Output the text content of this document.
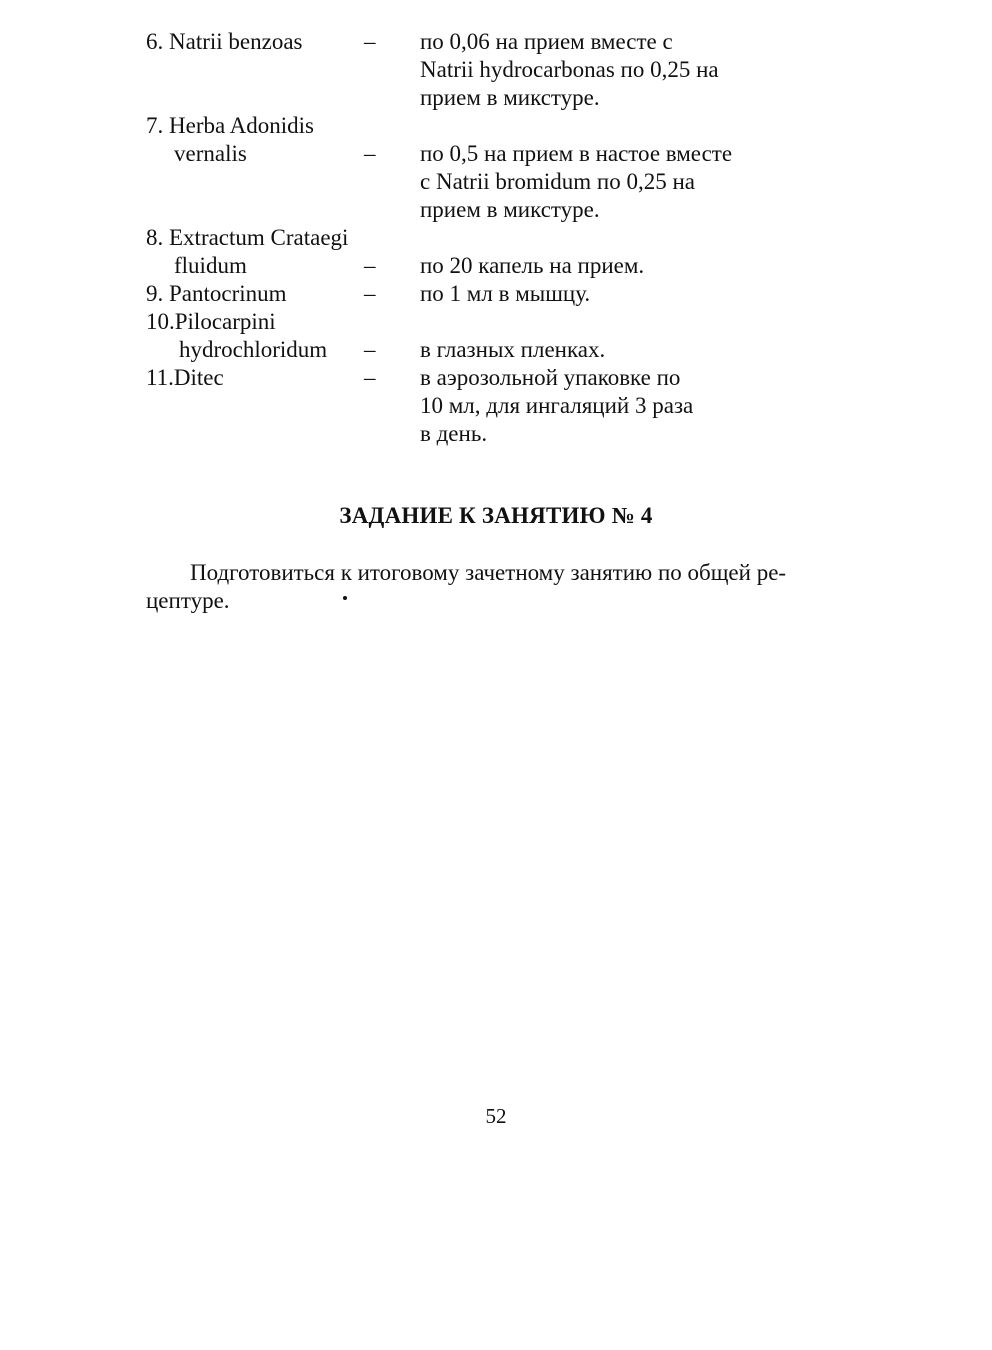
6. Natrii benzoas	– по 0,06 на прием вместе с
Natrii hydrocarbonas по 0,25 на
прием в микстуре.
7. Herba Adonidis
vernalis	– по 0,5 на прием в настое вместе
с Natrii bromidum по 0,25 на
прием в микстуре.
8. Extractum Crataegi
fluidum	– по 20 капель на прием.
9. Pantocrinum	– по 1 мл в мышцу.
10.Pilocarpini
hydrochloridum – в глазных пленках.
11.Ditec	– в аэрозольной упаковке по
10 мл, для ингаляций 3 раза
в день.
ЗАДАНИЕ К ЗАНЯТИЮ № 4
Подготовиться к итоговому зачетному занятию по общей ре-
цептуре.
52
